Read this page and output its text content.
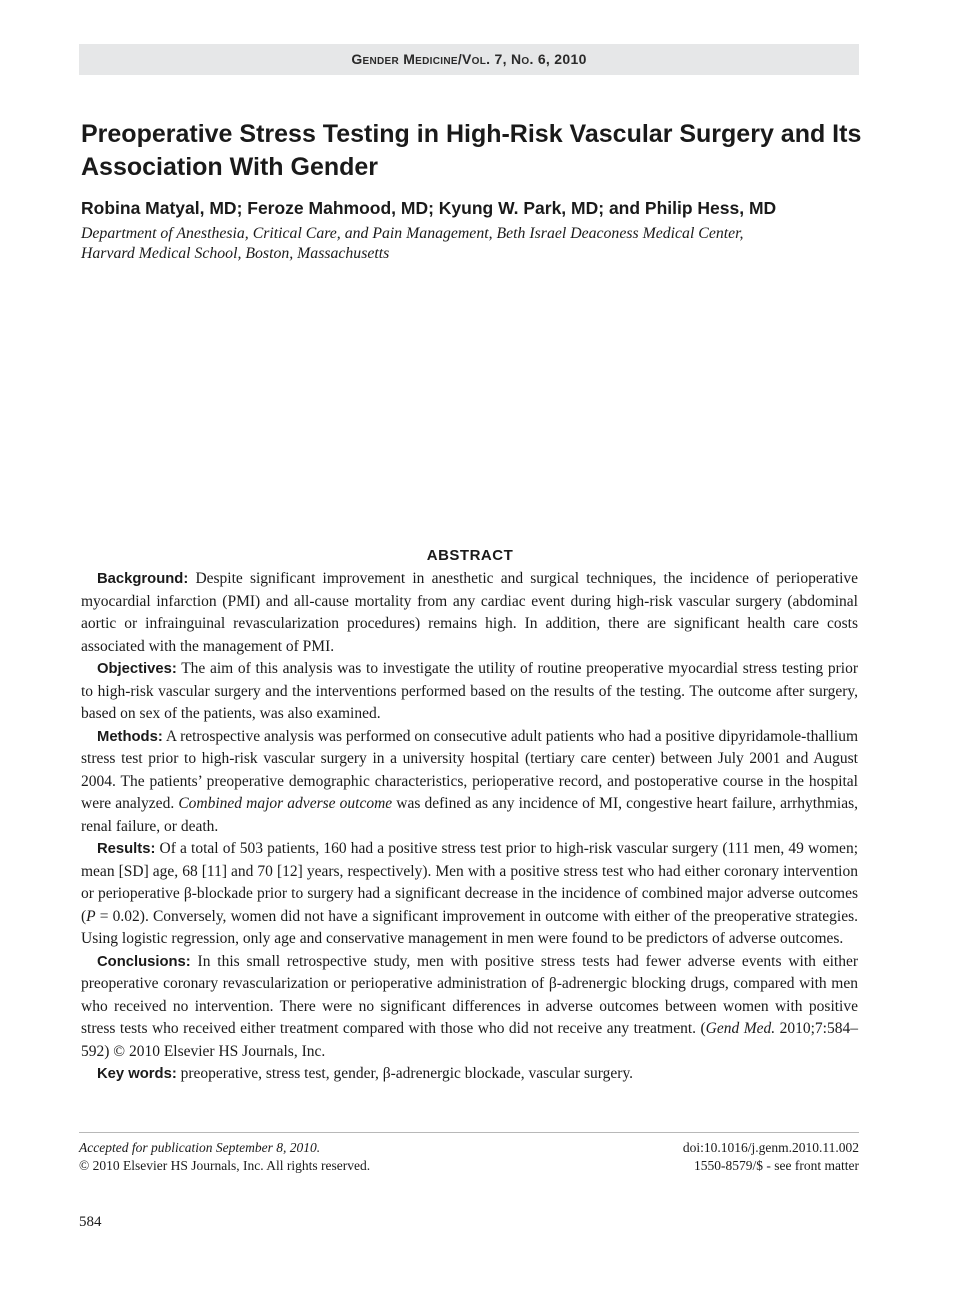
Gender Medicine/Vol. 7, No. 6, 2010
Preoperative Stress Testing in High-Risk Vascular Surgery and Its Association With Gender
Robina Matyal, MD; Feroze Mahmood, MD; Kyung W. Park, MD; and Philip Hess, MD
Department of Anesthesia, Critical Care, and Pain Management, Beth Israel Deaconess Medical Center,
Harvard Medical School, Boston, Massachusetts
ABSTRACT

Background: Despite significant improvement in anesthetic and surgical techniques, the incidence of perioperative myocardial infarction (PMI) and all-cause mortality from any cardiac event during high-risk vascular surgery (abdominal aortic or infrainguinal revascularization procedures) remains high. In addition, there are significant health care costs associated with the management of PMI.

Objectives: The aim of this analysis was to investigate the utility of routine preoperative myocardial stress testing prior to high-risk vascular surgery and the interventions performed based on the results of the testing. The outcome after surgery, based on sex of the patients, was also examined.

Methods: A retrospective analysis was performed on consecutive adult patients who had a positive dipyridamole-thallium stress test prior to high-risk vascular surgery in a university hospital (tertiary care center) between July 2001 and August 2004. The patients’ preoperative demographic characteristics, perioperative record, and postoperative course in the hospital were analyzed. Combined major adverse outcome was defined as any incidence of MI, congestive heart failure, arrhythmias, renal failure, or death.

Results: Of a total of 503 patients, 160 had a positive stress test prior to high-risk vascular surgery (111 men, 49 women; mean [SD] age, 68 [11] and 70 [12] years, respectively). Men with a positive stress test who had either coronary intervention or perioperative β-blockade prior to surgery had a significant decrease in the incidence of combined major adverse outcomes (P = 0.02). Conversely, women did not have a significant improvement in outcome with either of the preoperative strategies. Using logistic regression, only age and conservative management in men were found to be predictors of adverse outcomes.

Conclusions: In this small retrospective study, men with positive stress tests had fewer adverse events with either preoperative coronary revascularization or perioperative administration of β-adrenergic blocking drugs, compared with men who received no intervention. There were no significant differences in adverse outcomes between women with positive stress tests who received either treatment compared with those who did not receive any treatment. (Gend Med. 2010;7:584–592) © 2010 Elsevier HS Journals, Inc.

Key words: preoperative, stress test, gender, β-adrenergic blockade, vascular surgery.

Accepted for publication September 8, 2010.
© 2010 Elsevier HS Journals, Inc. All rights reserved.
doi:10.1016/j.genm.2010.11.002
1550-8579/$ - see front matter
584
